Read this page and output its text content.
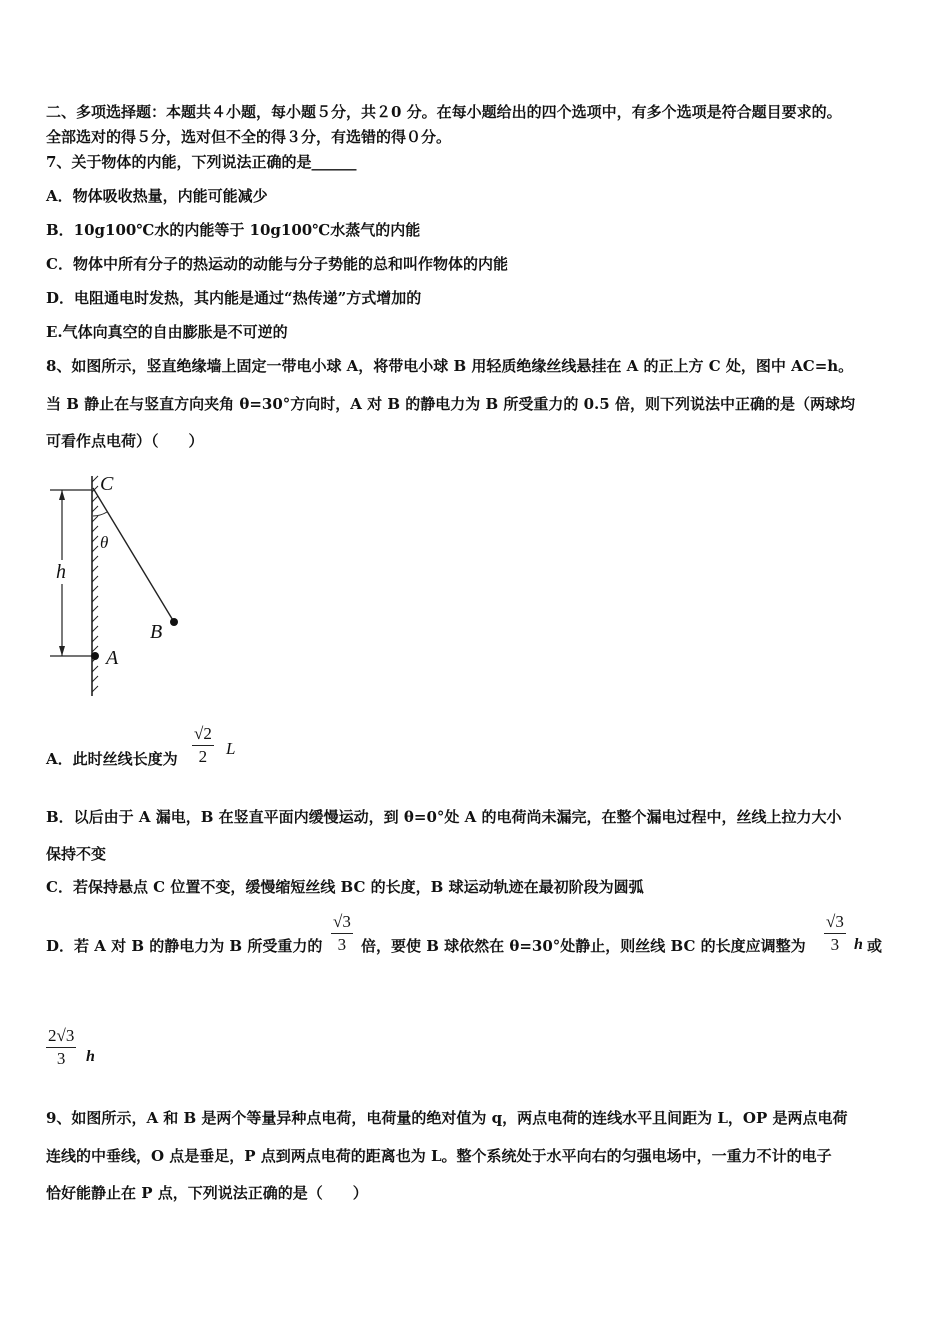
二、多项选择题：本题共４小题，每小题５分，共２0 分。在每小题给出的四个选项中，有多个选项是符合题目要求的。
全部选对的得５分，选对但不全的得３分，有选错的得０分。
7、关于物体的内能，下列说法正确的是______
A．物体吸收热量，内能可能减少
B．10g100℃水的内能等于 10g100℃水蒸气的内能
C．物体中所有分子的热运动的动能与分子势能的总和叫作物体的内能
D．电阻通电时发热，其内能是通过“热传递”方式增加的
E.气体向真空的自由膨胀是不可逆的
8、如图所示，竖直绝缘墙上固定一带电小球 A，将带电小球 B 用轻质绝缘丝线悬挂在 A 的正上方 C 处，图中 AC=h。
当 B 静止在与竖直方向夹角 θ=30°方向时，A 对 B 的静电力为 B 所受重力的 0.5 倍，则下列说法中正确的是（两球均
可看作点电荷）（　　）
C
θ
h
B
A
A．此时丝线长度为 $\frac{√2}{2}$ L
B．以后由于 A 漏电，B 在竖直平面内缓慢运动，到 θ=0°处 A 的电荷尚未漏完，在整个漏电过程中，丝线上拉力大小
保持不变
C．若保持悬点 C 位置不变，缓慢缩短丝线 BC 的长度，B 球运动轨迹在最初阶段为圆弧
D．若 A 对 B 的静电力为 B 所受重力的 $\frac{√3}{3}$ 倍，要使 B 球依然在 θ=30°处静止，则丝线 BC 的长度应调整为 $\frac{√3}{3}$ h 或
$\frac{2√3}{3}$ h
9、如图所示，A 和 B 是两个等量异种点电荷，电荷量的绝对值为 q，两点电荷的连线水平且间距为 L，OP 是两点电荷
连线的中垂线，O 点是垂足，P 点到两点电荷的距离也为 L。整个系统处于水平向右的匀强电场中，一重力不计的电子
恰好能静止在 P 点，下列说法正确的是（　　）
